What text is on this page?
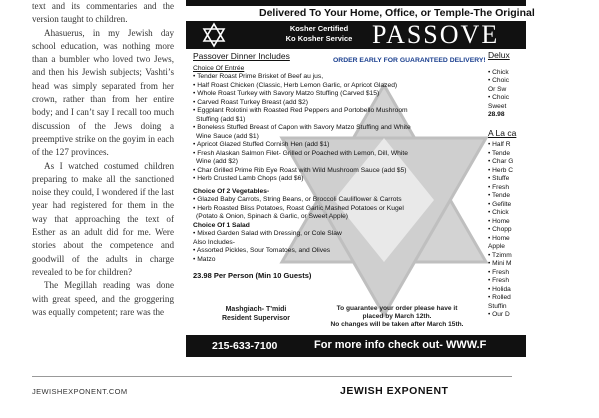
text and its commentaries and the version taught to children.

Ahasuerus, in my Jewish day school education, was nothing more than a bumbler who loved two Jews, and then his Jewish subjects; Vashti’s head was simply separated from her crown, rather than from her entire body; and I can’t say I recall too much discussion of the Jews doing a preemptive strike on the goyim in each of the 127 provinces.

As I watched costumed children preparing to make all the sanctioned noise they could, I wondered if the last year had registered for them in the way that approaching the text of Esther as an adult did for me. Were stories about the competence and goodwill of the adults in charge revealed to be for children?

The Megillah reading was done with great speed, and the groggering was equally competent; rare was the

Delivered To Your Home, Office, or Temple-The Original
Kosher Certified
Ko Kosher Service PASSOVE
Passover Dinner Includes	ORDER EARLY FOR GUARANTEED DELIVERY!
Choice Of Entrée
• Tender Roast Prime Brisket of Beef au jus,
• Half Roast Chicken (Classic, Herb Lemon Garlic, or Apricot Glazed)
• Whole Roast Turkey with Savory Matzo Stuffing (Carved $15)
• Carved Roast Turkey Breast (add $2)
• Eggplant Rolotini with Roasted Red Peppers and Portobello Mushroom
Stuffing (add $1)
• Boneless Stuffed Breast of Capon with Savory Matzo Stuffing and White
Wine Sauce (add $1)
• Apricot Glazed Stuffed Cornish Hen (add $1)
• Fresh Alaskan Salmon Filet- Grilled or Poached with Lemon, Dill, White
Wine (add $2)
• Char Grilled Prime Rib Eye Roast with Wild Mushroom Sauce (add $5)
• Herb Crusted Lamb Chops (add $6)
Choice Of 2 Vegetables-
• Glazed Baby Carrots, String Beans, or Broccoli Cauliflower & Carrots
• Herb Roasted Bliss Potatoes, Roast Garlic Mashed Potatoes or Kugel
(Potato & Onion, Spinach & Garlic, or Sweet Apple)
Choice Of 1 Salad
• Mixed Garden Salad with Dressing, or Cole Slaw
Also Includes-
• Assorted Pickles, Sour Tomatoes, and Olives
• Matzo
23.98 Per Person (Min 10 Guests)
Mashgiach- T'midi
Resident Supervisor
To guarantee your order please have it
placed by March 12th.
No changes will be taken after March 15th.
Delux
• Chick
• Choic
Or Sw
• Choic
Sweet
28.98
A La ca
• Half R
• Tende
• Char G
• Herb C
• Stuffe
• Fresh
• Tende
• Gefilte
• Chick
• Home
• Chopp
• Home
Apple
• Tzimm
• Mini M
• Fresh
• Fresh
• Holida
• Rolled
Stuffin
• Our D
215-633-7100	For more info check out- WWW.F
JEWISHEXPONENT.COM	JEWISH EXPONENT
